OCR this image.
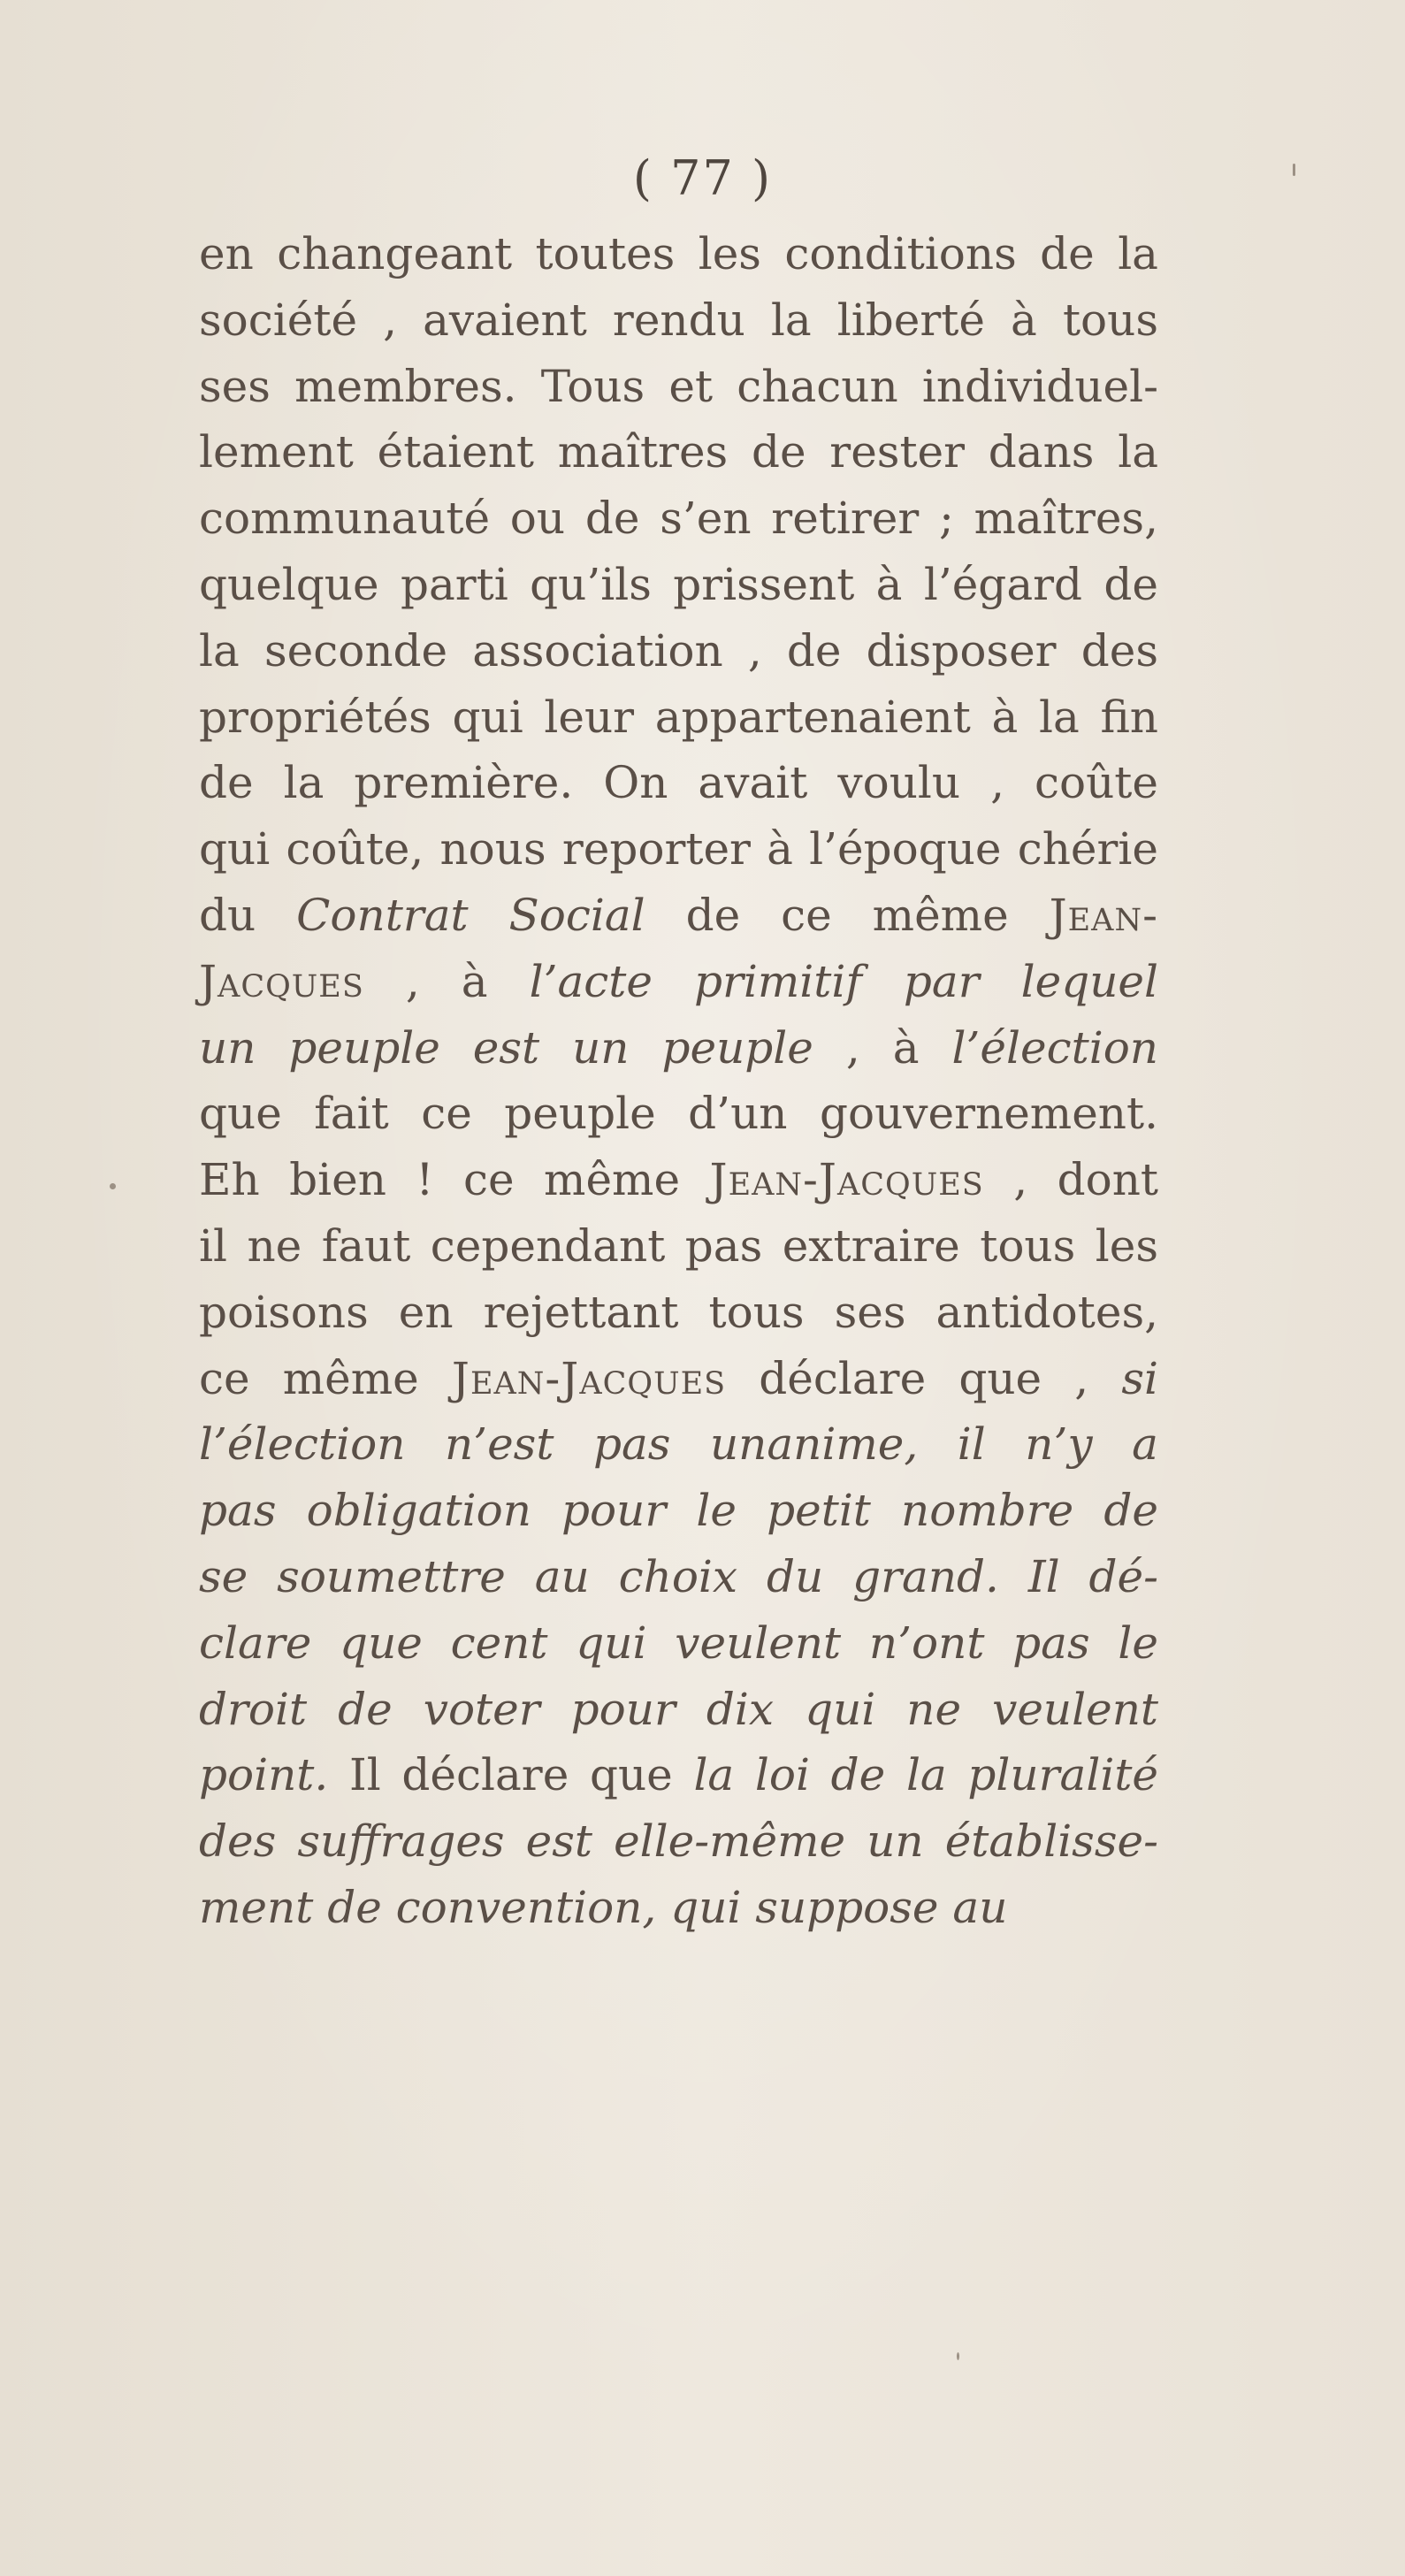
( 77 )
en changeant toutes les conditions de la
société , avaient rendu la liberté à tous
ses membres. Tous et chacun individuel-
lement étaient maîtres de rester dans la
communauté ou de s’en retirer ; maîtres,
quelque parti qu’ils prissent à l’égard de
la seconde association , de disposer des
propriétés qui leur appartenaient à la fin
de la première. On avait voulu , coûte
qui coûte, nous reporter à l’époque chérie
du Contrat Social de ce même Jean-
Jacques , à l’acte primitif par lequel
un peuple est un peuple , à l’élection
que fait ce peuple d’un gouvernement.
Eh bien ! ce même Jean-Jacques , dont
il ne faut cependant pas extraire tous les
poisons en rejettant tous ses antidotes,
ce même Jean-Jacques déclare que , si
l’élection n’est pas unanime, il n’y a
pas obligation pour le petit nombre de
se soumettre au choix du grand. Il dé-
clare que cent qui veulent n’ont pas le
droit de voter pour dix qui ne veulent
point. Il déclare que la loi de la pluralité
des suffrages est elle-même un établisse-
ment de convention, qui suppose au
